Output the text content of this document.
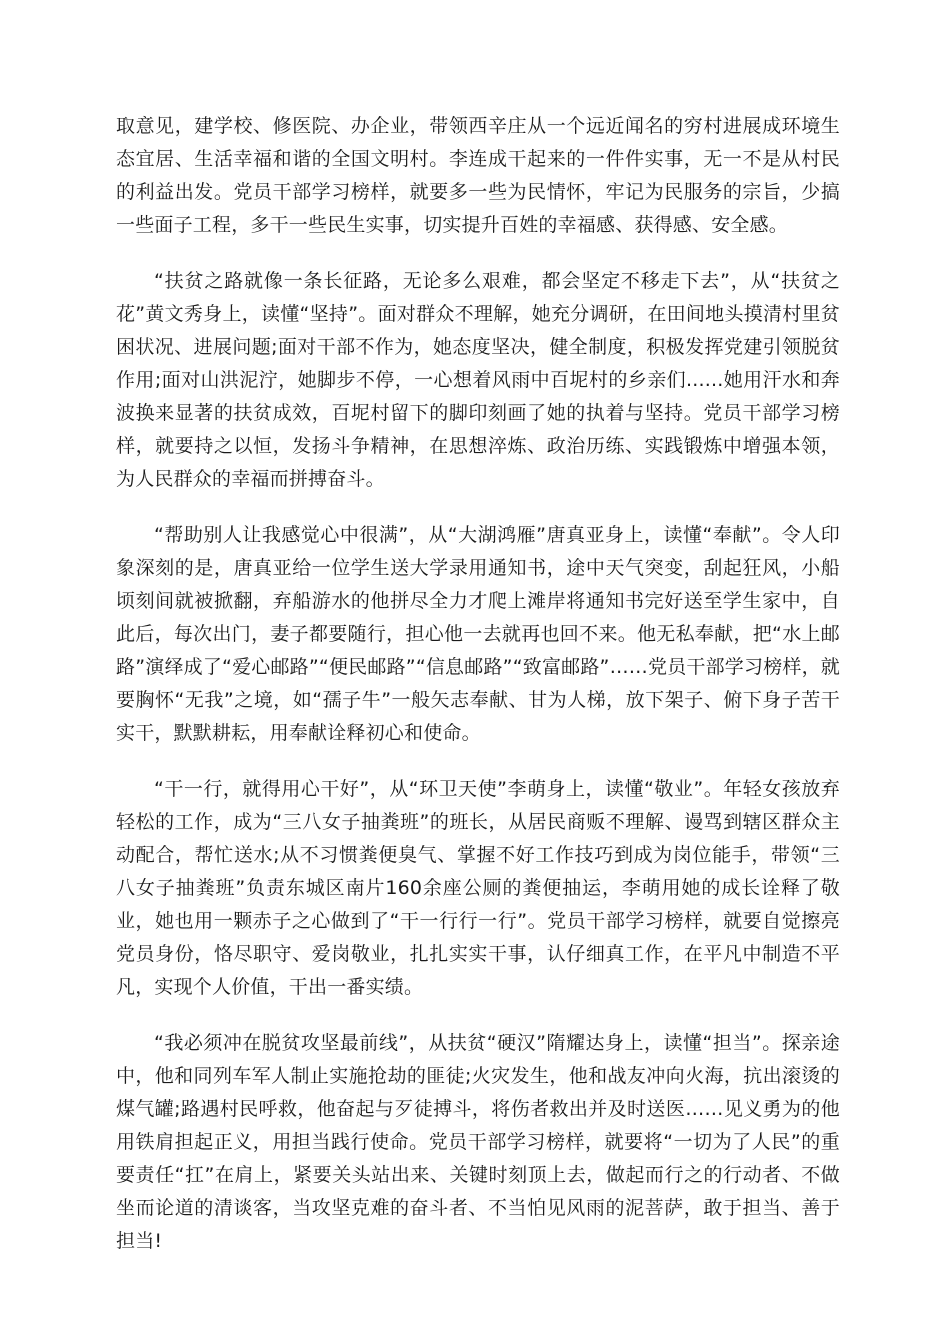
取意见，建学校、修医院、办企业，带领西辛庄从一个远近闻名的穷村进展成环境生态宜居、生活幸福和谐的全国文明村。李连成干起来的一件件实事，无一不是从村民的利益出发。党员干部学习榜样，就要多一些为民情怀，牢记为民服务的宗旨，少搞一些面子工程，多干一些民生实事，切实提升百姓的幸福感、获得感、安全感。

“扶贫之路就像一条长征路，无论多么艰难，都会坚定不移走下去”，从“扶贫之花”黄文秀身上，读懂“坚持”。面对群众不理解，她充分调研，在田间地头摸清村里贫困状况、进展问题;面对干部不作为，她态度坚决，健全制度，积极发挥党建引领脱贫作用;面对山洪泥泞，她脚步不停，一心想着风雨中百坭村的乡亲们......她用汗水和奔波换来显著的扶贫成效，百坭村留下的脚印刻画了她的执着与坚持。党员干部学习榜样，就要持之以恒，发扬斗争精神，在思想淬炼、政治历练、实践锻炼中增强本领，为人民群众的幸福而拼搏奋斗。

“帮助别人让我感觉心中很满”，从“大湖鸿雁”唐真亚身上，读懂“奉献”。令人印象深刻的是，唐真亚给一位学生送大学录用通知书，途中天气突变，刮起狂风，小船顷刻间就被掀翻，弃船游水的他拼尽全力才爬上滩岸将通知书完好送至学生家中，自此后，每次出门，妻子都要随行，担心他一去就再也回不来。他无私奉献，把“水上邮路”演绎成了“爱心邮路”“便民邮路”“信息邮路”“致富邮路”……党员干部学习榜样，就要胸怀“无我”之境，如“孺子牛”一般矢志奉献、甘为人梯，放下架子、俯下身子苦干实干，默默耕耘，用奉献诠释初心和使命。

“干一行，就得用心干好”，从“环卫天使”李萌身上，读懂“敬业”。年轻女孩放弃轻松的工作，成为“三八女子抽粪班”的班长，从居民商贩不理解、谩骂到辖区群众主动配合，帮忙送水;从不习惯粪便臭气、掌握不好工作技巧到成为岗位能手，带领“三八女子抽粪班”负责东城区南片160余座公厕的粪便抽运，李萌用她的成长诠释了敬业，她也用一颗赤子之心做到了“干一行行一行”。党员干部学习榜样，就要自觉擦亮党员身份，恪尽职守、爱岗敬业，扎扎实实干事，认仔细真工作，在平凡中制造不平凡，实现个人价值，干出一番实绩。

“我必须冲在脱贫攻坚最前线”，从扶贫“硬汉”隋耀达身上，读懂“担当”。探亲途中，他和同列车军人制止实施抢劫的匪徒;火灾发生，他和战友冲向火海，抗出滚烫的煤气罐;路遇村民呼救，他奋起与歹徒搏斗，将伤者救出并及时送医……见义勇为的他用铁肩担起正义，用担当践行使命。党员干部学习榜样，就要将“一切为了人民”的重要责任“扛”在肩上，紧要关头站出来、关键时刻顶上去，做起而行之的行动者、不做坐而论道的清谈客，当攻坚克难的奋斗者、不当怕见风雨的泥菩萨，敢于担当、善于担当!
